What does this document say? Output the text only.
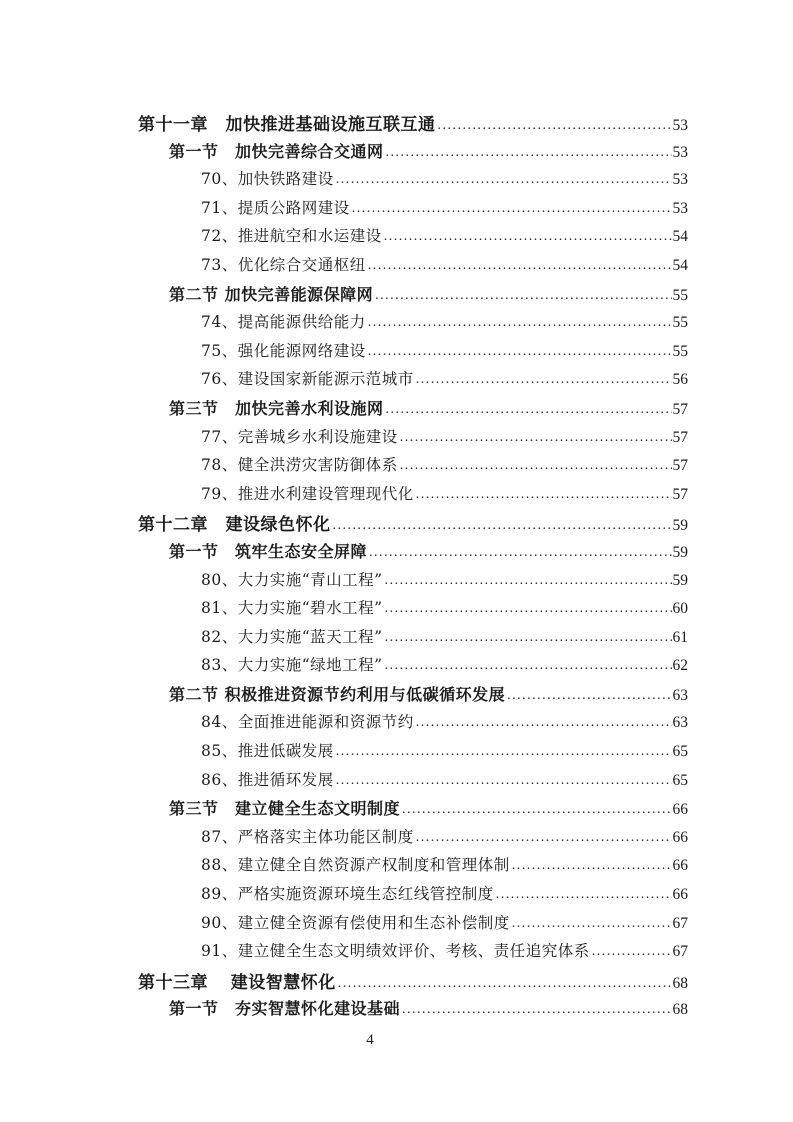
第十一章　加快推进基础设施互联互通 .....	53
第一节　加快完善综合交通网 .....	53
70、加快铁路建设 .....	53
71、提质公路网建设 .....	53
72、推进航空和水运建设 .....	54
73、优化综合交通枢纽 .....	54
第二节 加快完善能源保障网 .....	55
74、提高能源供给能力 .....	55
75、强化能源网络建设 .....	55
76、建设国家新能源示范城市 .....	56
第三节　加快完善水利设施网 .....	57
77、完善城乡水利设施建设 .....	57
78、健全洪涝灾害防御体系 .....	57
79、推进水利建设管理现代化 .....	57
第十二章　建设绿色怀化 .....	59
第一节　筑牢生态安全屏障 .....	59
80、大力实施“青山工程” .....	59
81、大力实施“碧水工程” .....	60
82、大力实施“蓝天工程” .....	61
83、大力实施“绿地工程” .....	62
第二节 积极推进资源节约利用与低碳循环发展 .....	63
84、全面推进能源和资源节约 .....	63
85、推进低碳发展 .....	65
86、推进循环发展 .....	65
第三节　建立健全生态文明制度 .....	66
87、严格落实主体功能区制度 .....	66
88、建立健全自然资源产权制度和管理体制 .....	66
89、严格实施资源环境生态红线管控制度 .....	66
90、建立健全资源有偿使用和生态补偿制度 .....	67
91、建立健全生态文明绩效评价、考核、责任追究体系 .....	67
第十三章　 建设智慧怀化 .....	68
第一节　夯实智慧怀化建设基础 .....	68
4
